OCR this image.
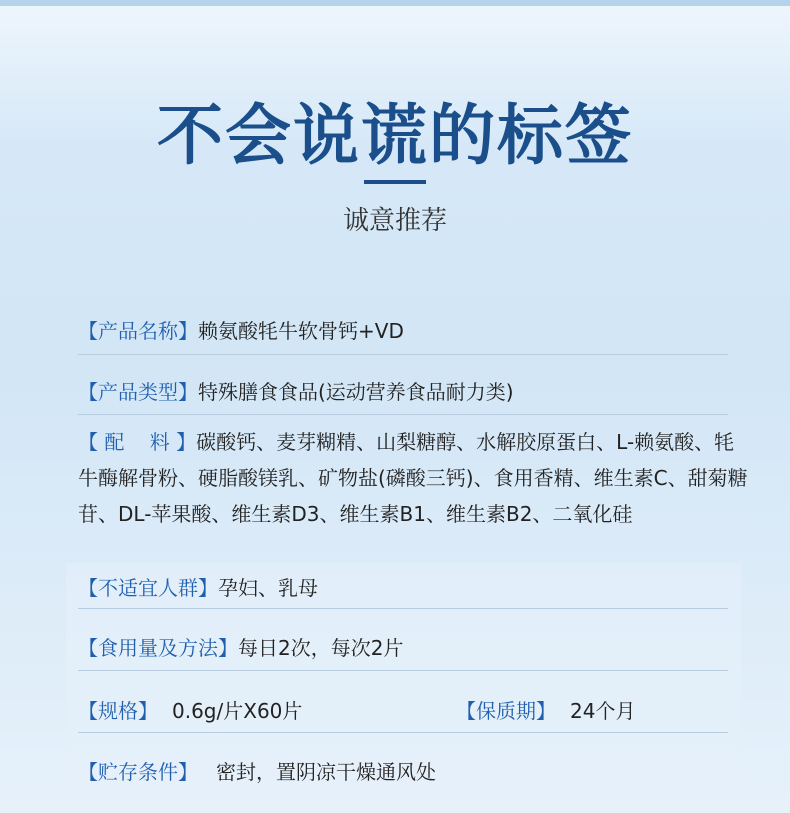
不会说谎的标签
诚意推荐
【产品名称】赖氨酸牦牛软骨钙+VD
【产品类型】特殊膳食食品(运动营养食品耐力类)
【 配    料 】碳酸钙、麦芽糊精、山梨糖醇、水解胶原蛋白、L-赖氨酸、牦牛酶解骨粉、硬脂酸镁乳、矿物盐(磷酸三钙)、食用香精、维生素C、甜菊糖苷、DL-苹果酸、维生素D3、维生素B1、维生素B2、二氧化硅
【不适宜人群】孕妇、乳母
【食用量及方法】每日2次，每次2片
【规格】 0.6g/片X60片	【保质期】 24个月
【贮存条件】 密封，置阴凉干燥通风处
